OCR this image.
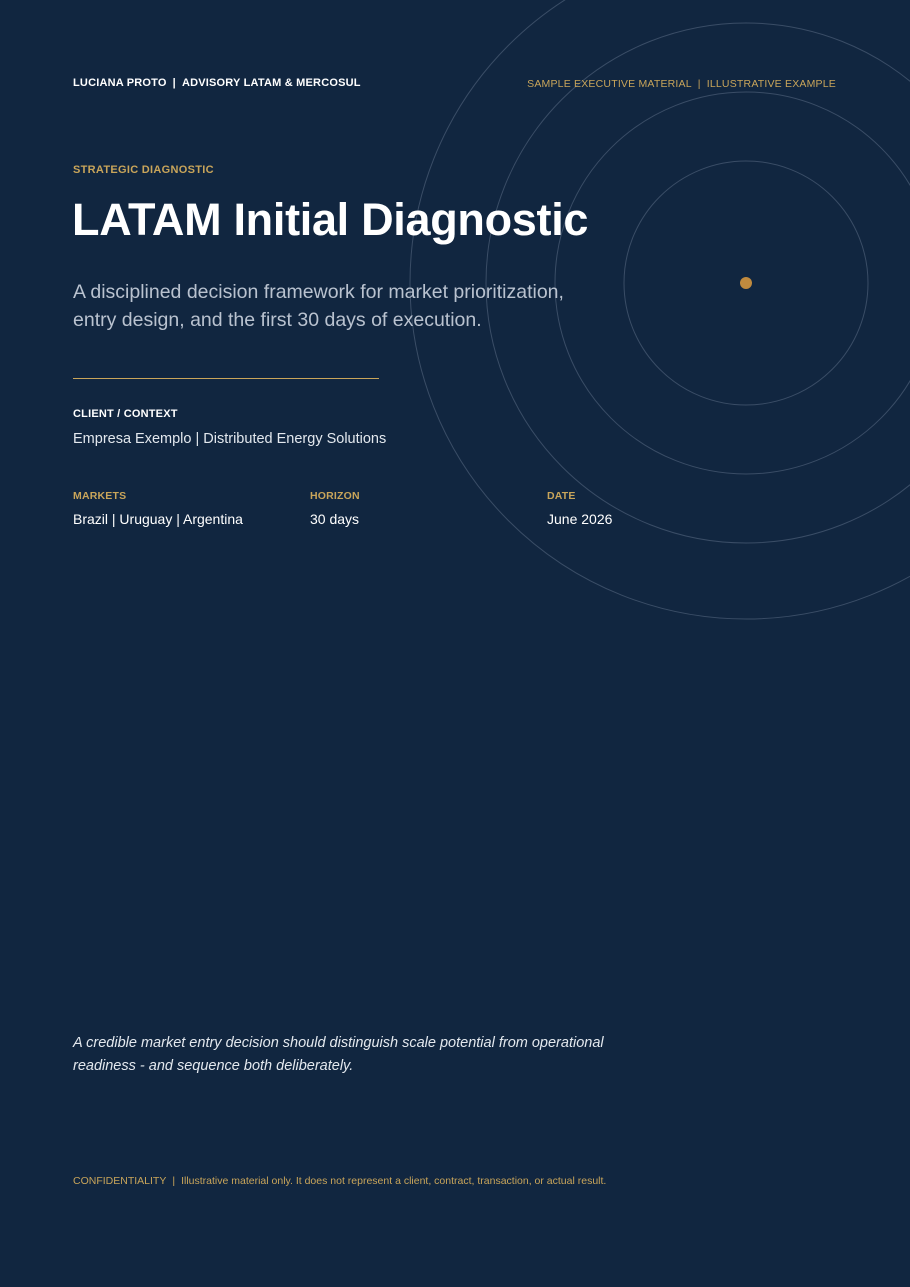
LUCIANA PROTO | ADVISORY LATAM & MERCOSUL	SAMPLE EXECUTIVE MATERIAL | ILLUSTRATIVE EXAMPLE
STRATEGIC DIAGNOSTIC
LATAM Initial Diagnostic

A disciplined decision framework for market prioritization, entry design, and the first 30 days of execution.

CLIENT / CONTEXT
Empresa Exemplo | Distributed Energy Solutions
MARKETS
Brazil | Uruguay | Argentina
HORIZON
30 days
DATE
June 2026

A credible market entry decision should distinguish scale potential from operational readiness - and sequence both deliberately.

CONFIDENTIALITY | Illustrative material only. It does not represent a client, contract, transaction, or actual result.
